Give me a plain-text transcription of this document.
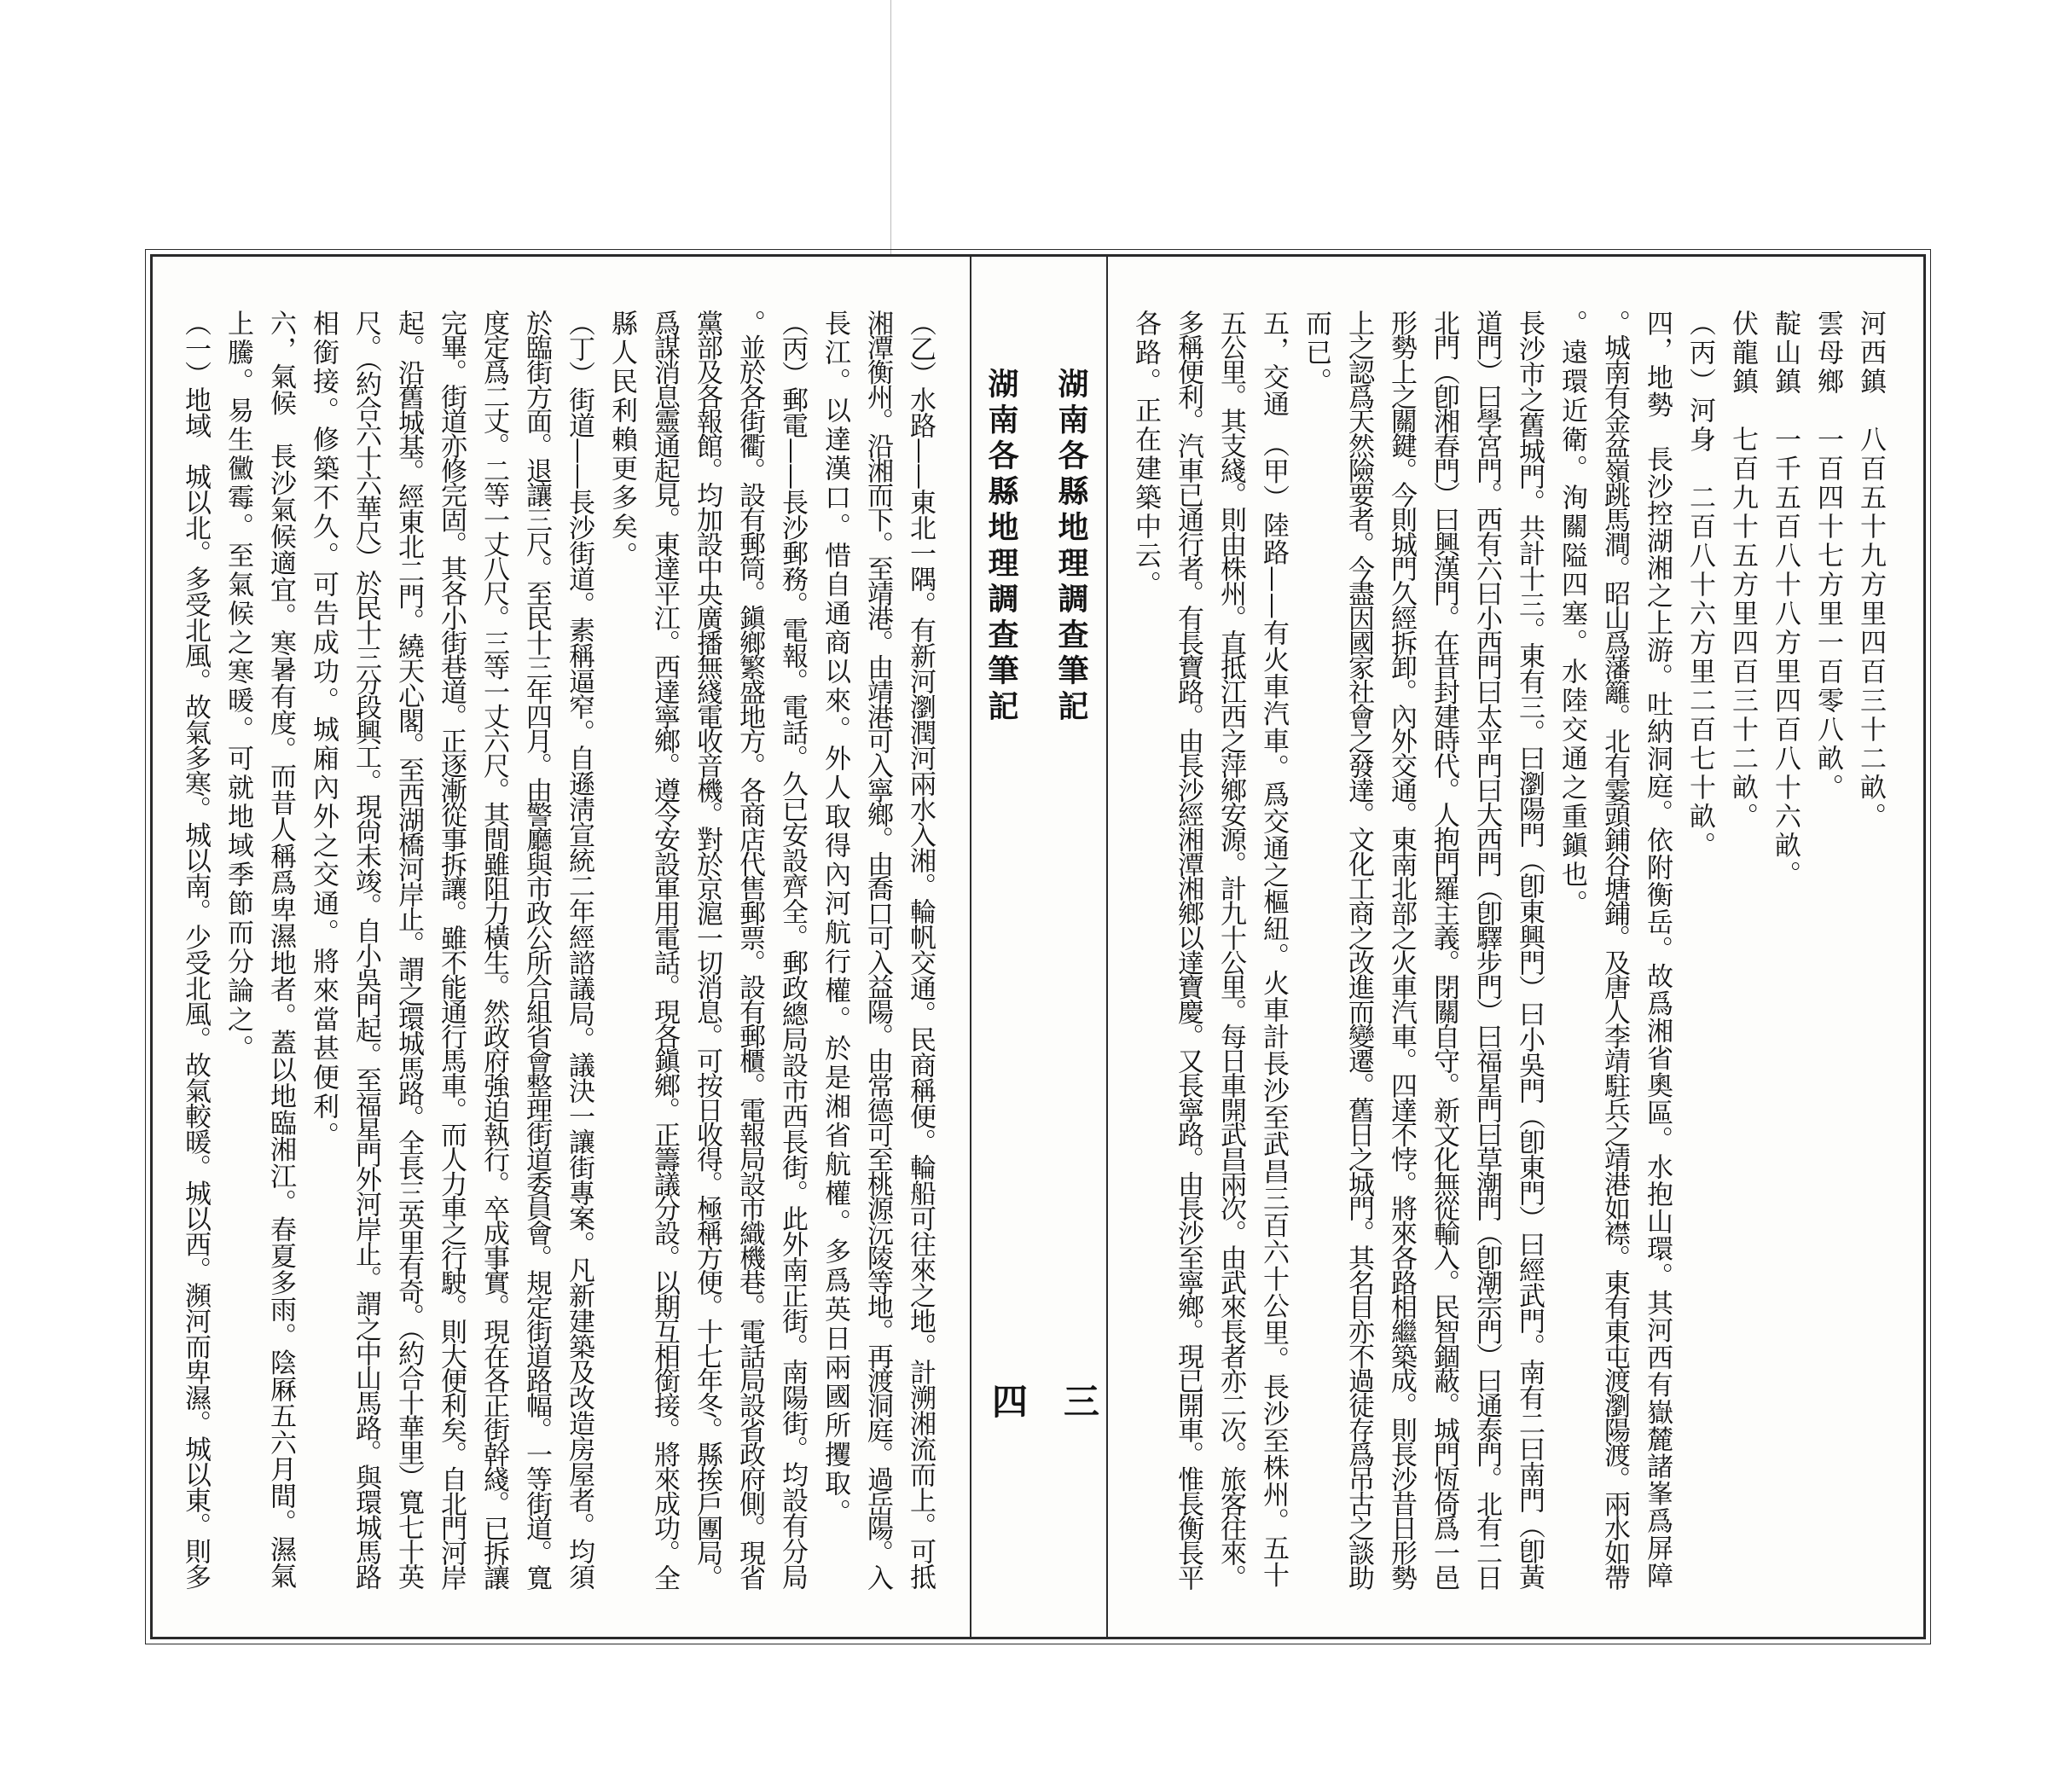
河西鎮　八百五十九方里四百三十二畝。
雲母鄉　一百四十七方里一百零八畝。
靛山鎮　一千五百八十八方里四百八十六畝。
伏龍鎮　七百九十五方里四百三十二畝。
（丙）河身　二百八十六方里二百七十畝。
四，地勢　長沙控湖湘之上游。吐納洞庭。依附衡岳。故爲湘省奧區。水抱山環。其河西有嶽麓諸峯爲屏障
。城南有金盆嶺跳馬澗。昭山爲藩籬。北有霎頭鋪谷塘鋪。及唐人李靖駐兵之靖港如襟。東有東屯渡瀏陽渡。兩水如帶
。遠環近衛。洵關隘四塞。水陸交通之重鎭也。
長沙市之舊城門。共計十三。東有三。曰瀏陽門（卽東興門）曰小吳門（卽東門）曰經武門。南有二曰南門（卽黃
道門）曰學宮門。西有六曰小西門曰太平門曰大西門（卽驛步門）曰福星門曰草潮門（卽潮宗門）曰通泰門。北有二日
北門（卽湘春門）曰興漢門。在昔封建時代。人抱門羅主義。閉關自守。新文化無從輸入。民智錮蔽。城門恆倚爲一邑
形勢上之關鍵。今則城門久經拆卸。內外交通。東南北部之火車汽車。四達不悖。將來各路相繼築成。則長沙昔日形勢
上之認爲天然險要者。今盡因國家社會之發達。文化工商之改進而變遷。舊日之城門。其名目亦不過徒存爲吊古之談助
而已。
五，交通　（甲）陸路——有火車汽車。爲交通之樞紐。火車計長沙至武昌三百六十公里。長沙至株州。五十
五公里。其支綫。則由株州。直抵江西之萍鄉安源。計九十公里。每日車開武昌兩次。由武來長者亦二次。旅客往來。
多稱便利。汽車已通行者。有長寶路。由長沙經湘潭湘鄉以達寶慶。又長寧路。由長沙至寧鄉。現已開車。惟長衡長平
各路。正在建築中云。
湖南各縣地理調查筆記
三
湖南各縣地理調查筆記
四
（乙）水路——東北一隅。有新河瀏潤河兩水入湘。輪帆交通。民商稱便。輪船可往來之地。計溯湘流而上。可抵
湘潭衡州。沿湘而下。至靖港。由靖港可入寧鄉。由喬口可入益陽。由常德可至桃源沅陵等地。再渡洞庭。過岳陽。入
長江。以達漢口。惜自通商以來。外人取得內河航行權。於是湘省航權。多爲英日兩國所攫取。
（丙）郵電——長沙郵務。電報。電話。久已安設齊全。郵政總局設市西長街。此外南正街。南陽街。均設有分局
。並於各街衢。設有郵筒。鎭鄉繁盛地方。各商店代售郵票。設有郵櫃。電報局設市織機巷。電話局設省政府側。現省
黨部及各報館。均加設中央廣播無綫電收音機。對於京滬一切消息。可按日收得。極稱方便。十七年冬。縣挨戶團局。
爲謀消息靈通起見。東達平江。西達寧鄉。遵令安設軍用電話。現各鎭鄉。正籌議分設。以期互相銜接。將來成功。全
縣人民利賴更多矣。
（丁）街道——長沙街道。素稱逼窄。自遜淸宣統二年經諮議局。議決一讓街專案。凡新建築及改造房屋者。均須
於臨街方面。退讓三尺。至民十三年四月。由警廳與市政公所合組省會整理街道委員會。規定街道路幅。一等街道。寬
度定爲二丈。二等一丈八尺。三等一丈六尺。其間雖阻力橫生。然政府強迫執行。卒成事實。現在各正街幹綫。已拆讓
完畢。街道亦修完固。其各小街巷道。正逐漸從事拆讓。雖不能通行馬車。而人力車之行駛。則大便利矣。自北門河岸
起。沿舊城基。經東北二門。繞天心閣。至西湖橋河岸止。謂之環城馬路。全長三英里有奇。（約合十華里）寬七十英
尺。（約合六十六華尺）於民十三分段興工。現尙未竣。自小吳門起。至福星門外河岸止。謂之中山馬路。與環城馬路
相銜接。修築不久。可告成功。城廂內外之交通。將來當甚便利。
六，氣候　長沙氣候適宜。寒暑有度。而昔人稱爲卑濕地者。蓋以地臨湘江。春夏多雨。陰厤五六月間。濕氣
上騰。易生黴霉。至氣候之寒暖。可就地域季節而分論之。
（一）地域　城以北。多受北風。故氣多寒。城以南。少受北風。故氣較暖。城以西。瀕河而卑濕。城以東。則多
